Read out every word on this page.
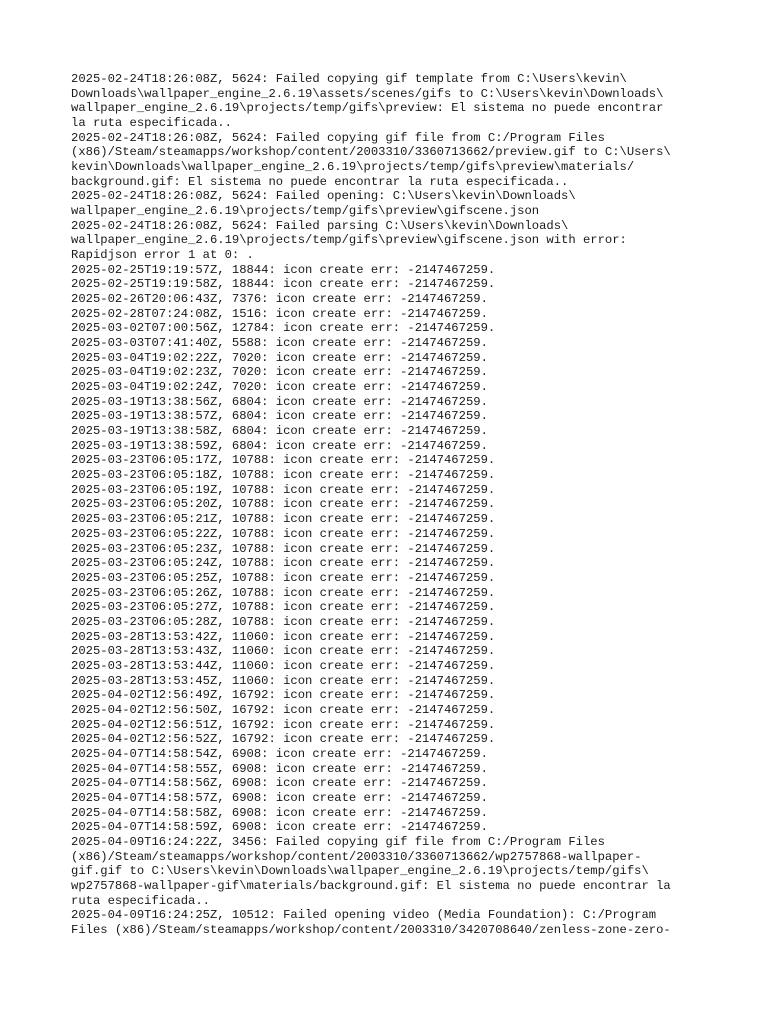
2025-02-24T18:26:08Z, 5624: Failed copying gif template from C:\Users\kevin\
Downloads\wallpaper_engine_2.6.19\assets/scenes/gifs to C:\Users\kevin\Downloads\
wallpaper_engine_2.6.19\projects/temp/gifs\preview: El sistema no puede encontrar
la ruta especificada..
2025-02-24T18:26:08Z, 5624: Failed copying gif file from C:/Program Files
(x86)/Steam/steamapps/workshop/content/2003310/3360713662/preview.gif to C:\Users\
kevin\Downloads\wallpaper_engine_2.6.19\projects/temp/gifs\preview\materials/
background.gif: El sistema no puede encontrar la ruta especificada..
2025-02-24T18:26:08Z, 5624: Failed opening: C:\Users\kevin\Downloads\
wallpaper_engine_2.6.19\projects/temp/gifs\preview\gifscene.json
2025-02-24T18:26:08Z, 5624: Failed parsing C:\Users\kevin\Downloads\
wallpaper_engine_2.6.19\projects/temp/gifs\preview\gifscene.json with error:
Rapidjson error 1 at 0: .
2025-02-25T19:19:57Z, 18844: icon create err: -2147467259.
2025-02-25T19:19:58Z, 18844: icon create err: -2147467259.
2025-02-26T20:06:43Z, 7376: icon create err: -2147467259.
2025-02-28T07:24:08Z, 1516: icon create err: -2147467259.
2025-03-02T07:00:56Z, 12784: icon create err: -2147467259.
2025-03-03T07:41:40Z, 5588: icon create err: -2147467259.
2025-03-04T19:02:22Z, 7020: icon create err: -2147467259.
2025-03-04T19:02:23Z, 7020: icon create err: -2147467259.
2025-03-04T19:02:24Z, 7020: icon create err: -2147467259.
2025-03-19T13:38:56Z, 6804: icon create err: -2147467259.
2025-03-19T13:38:57Z, 6804: icon create err: -2147467259.
2025-03-19T13:38:58Z, 6804: icon create err: -2147467259.
2025-03-19T13:38:59Z, 6804: icon create err: -2147467259.
2025-03-23T06:05:17Z, 10788: icon create err: -2147467259.
2025-03-23T06:05:18Z, 10788: icon create err: -2147467259.
2025-03-23T06:05:19Z, 10788: icon create err: -2147467259.
2025-03-23T06:05:20Z, 10788: icon create err: -2147467259.
2025-03-23T06:05:21Z, 10788: icon create err: -2147467259.
2025-03-23T06:05:22Z, 10788: icon create err: -2147467259.
2025-03-23T06:05:23Z, 10788: icon create err: -2147467259.
2025-03-23T06:05:24Z, 10788: icon create err: -2147467259.
2025-03-23T06:05:25Z, 10788: icon create err: -2147467259.
2025-03-23T06:05:26Z, 10788: icon create err: -2147467259.
2025-03-23T06:05:27Z, 10788: icon create err: -2147467259.
2025-03-23T06:05:28Z, 10788: icon create err: -2147467259.
2025-03-28T13:53:42Z, 11060: icon create err: -2147467259.
2025-03-28T13:53:43Z, 11060: icon create err: -2147467259.
2025-03-28T13:53:44Z, 11060: icon create err: -2147467259.
2025-03-28T13:53:45Z, 11060: icon create err: -2147467259.
2025-04-02T12:56:49Z, 16792: icon create err: -2147467259.
2025-04-02T12:56:50Z, 16792: icon create err: -2147467259.
2025-04-02T12:56:51Z, 16792: icon create err: -2147467259.
2025-04-02T12:56:52Z, 16792: icon create err: -2147467259.
2025-04-07T14:58:54Z, 6908: icon create err: -2147467259.
2025-04-07T14:58:55Z, 6908: icon create err: -2147467259.
2025-04-07T14:58:56Z, 6908: icon create err: -2147467259.
2025-04-07T14:58:57Z, 6908: icon create err: -2147467259.
2025-04-07T14:58:58Z, 6908: icon create err: -2147467259.
2025-04-07T14:58:59Z, 6908: icon create err: -2147467259.
2025-04-09T16:24:22Z, 3456: Failed copying gif file from C:/Program Files
(x86)/Steam/steamapps/workshop/content/2003310/3360713662/wp2757868-wallpaper-
gif.gif to C:\Users\kevin\Downloads\wallpaper_engine_2.6.19\projects/temp/gifs\
wp2757868-wallpaper-gif\materials/background.gif: El sistema no puede encontrar la
ruta especificada..
2025-04-09T16:24:25Z, 10512: Failed opening video (Media Foundation): C:/Program
Files (x86)/Steam/steamapps/workshop/content/2003310/3420708640/zenless-zone-zero-
